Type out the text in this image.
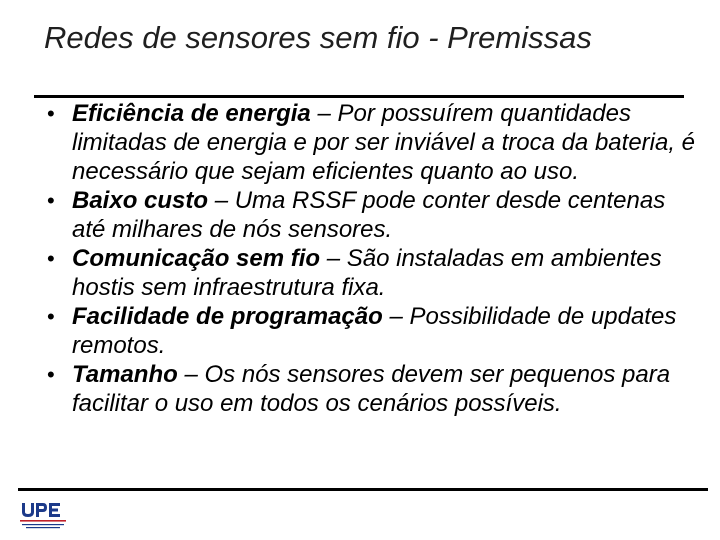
Redes de sensores sem fio - Premissas
• Eficiência de energia – Por possuírem quantidades limitadas de energia e por ser inviável a troca da bateria, é necessário que sejam eficientes quanto ao uso.
• Baixo custo – Uma RSSF pode conter desde centenas até milhares de nós sensores.
• Comunicação sem fio – São instaladas em ambientes hostis sem infraestrutura fixa.
• Facilidade de programação – Possibilidade de updates remotos.
• Tamanho – Os nós sensores devem ser pequenos para facilitar o uso em todos os cenários possíveis.
